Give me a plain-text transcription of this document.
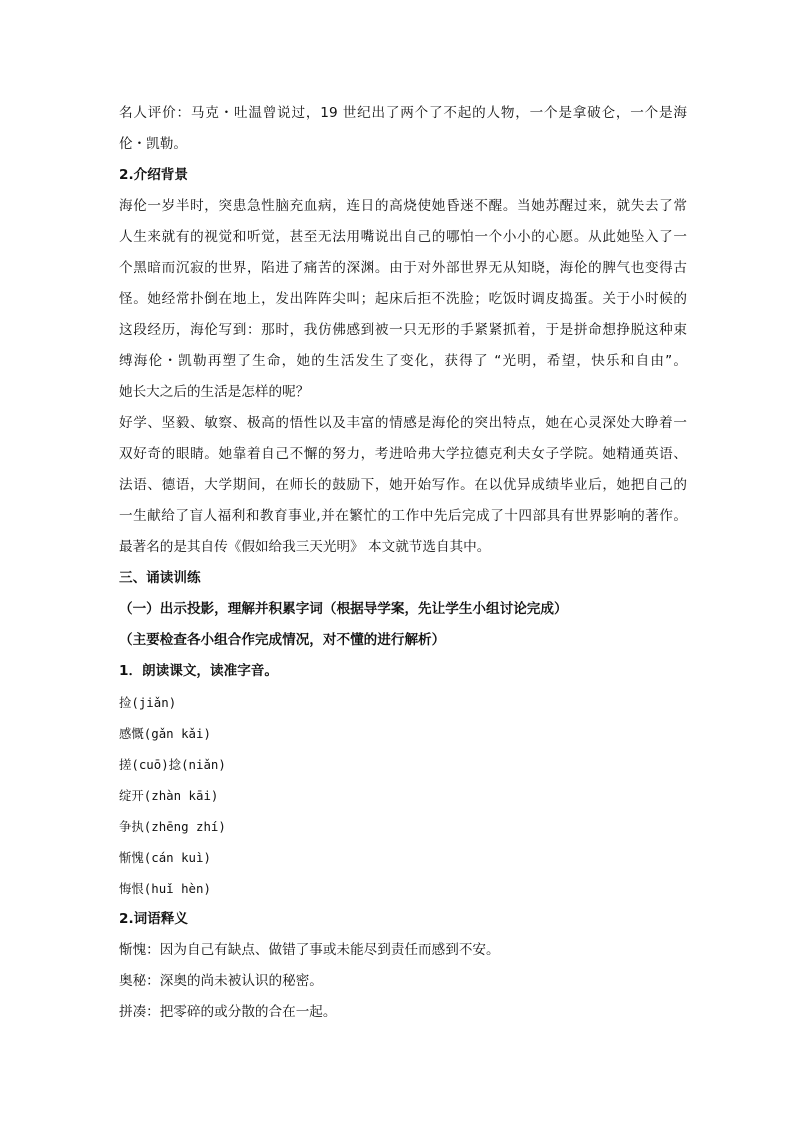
名人评价：马克・吐温曾说过，19 世纪出了两个了不起的人物，一个是拿破仑，一个是海

伦・凯勒。

2.介绍背景

海伦一岁半时，突患急性脑充血病，连日的高烧使她昏迷不醒。当她苏醒过来，就失去了常

人生来就有的视觉和听觉，甚至无法用嘴说出自己的哪怕一个小小的心愿。从此她坠入了一

个黑暗而沉寂的世界，陷进了痛苦的深渊。由于对外部世界无从知晓，海伦的脾气也变得古

怪。她经常扑倒在地上，发出阵阵尖叫；起床后拒不洗脸；吃饭时调皮捣蛋。关于小时候的

这段经历，海伦写到：那时，我仿佛感到被一只无形的手紧紧抓着，于是拼命想挣脱这种束

缚海伦・凯勒再塑了生命，她的生活发生了变化，获得了 “光明，希望，快乐和自由”。

她长大之后的生活是怎样的呢？

好学、坚毅、敏察、极高的悟性以及丰富的情感是海伦的突出特点，她在心灵深处大睁着一

双好奇的眼睛。她靠着自己不懈的努力，考进哈弗大学拉德克利夫女子学院。她精通英语、

法语、德语，大学期间，在师长的鼓励下，她开始写作。在以优异成绩毕业后，她把自己的

一生献给了盲人福利和教育事业,并在繁忙的工作中先后完成了十四部具有世界影响的著作。

最著名的是其自传《假如给我三天光明》 本文就节选自其中。

三、诵读训练

（一）出示投影，理解并积累字词（根据导学案，先让学生小组讨论完成）

（主要检查各小组合作完成情况，对不懂的进行解析）

1．朗读课文，读准字音。

捡(jiǎn)

感慨(gǎn kǎi)

搓(cuō)捻(niǎn)

绽开(zhàn kāi)

争执(zhēng zhí)

惭愧(cán kuì)

悔恨(huǐ hèn)

2.词语释义

惭愧：因为自己有缺点、做错了事或未能尽到责任而感到不安。

奥秘：深奥的尚未被认识的秘密。

拼凑：把零碎的或分散的合在一起。
